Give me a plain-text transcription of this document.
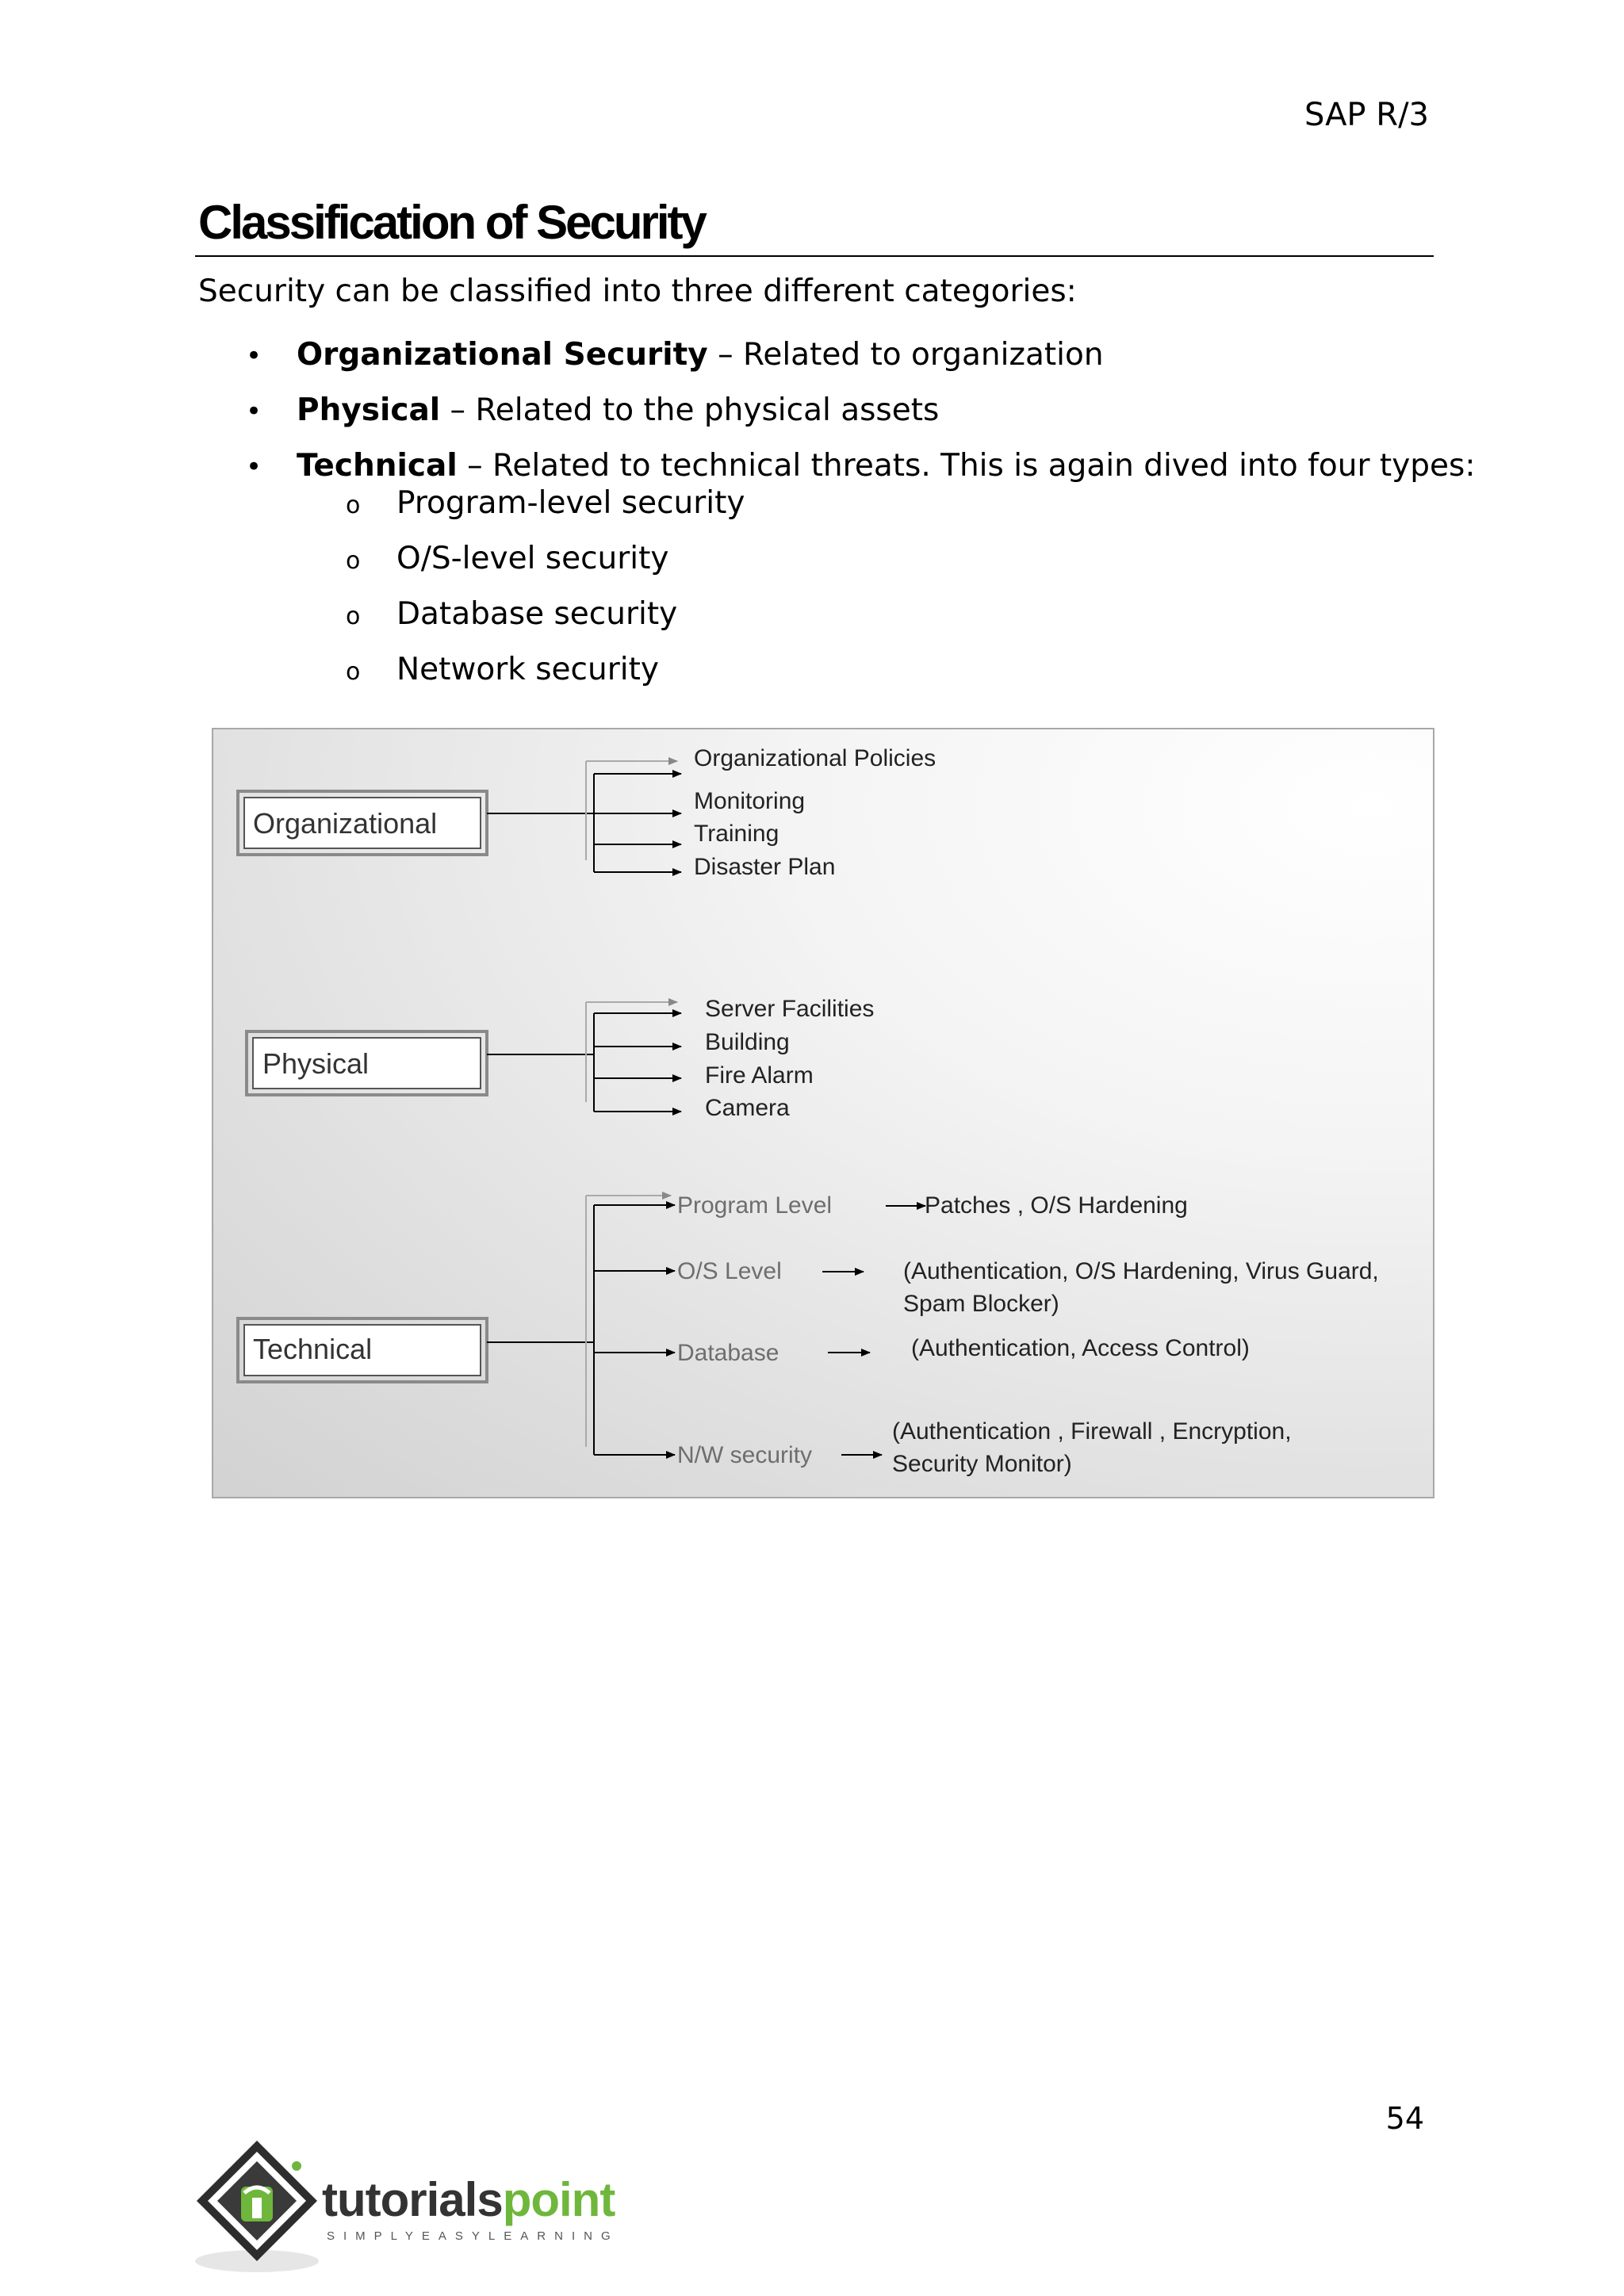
SAP R/3
Classification of Security
Security can be classified into three different categories:
• Organizational Security – Related to organization
• Physical – Related to the physical assets
• Technical – Related to technical threats. This is again dived into four types:
o Program-level security
o O/S-level security
o Database security
o Network security
Organizational
Organizational Policies
Monitoring
Training
Disaster Plan
Physical
Server Facilities
Building
Fire Alarm
Camera
Technical
Program Level
O/S Level
Database
N/W security
Patches , O/S Hardening
(Authentication, O/S Hardening, Virus Guard,
Spam Blocker)
(Authentication, Access Control)
(Authentication , Firewall , Encryption,
Security Monitor)
54
tutorialspoint
SIMPLYEASYLEARNING
